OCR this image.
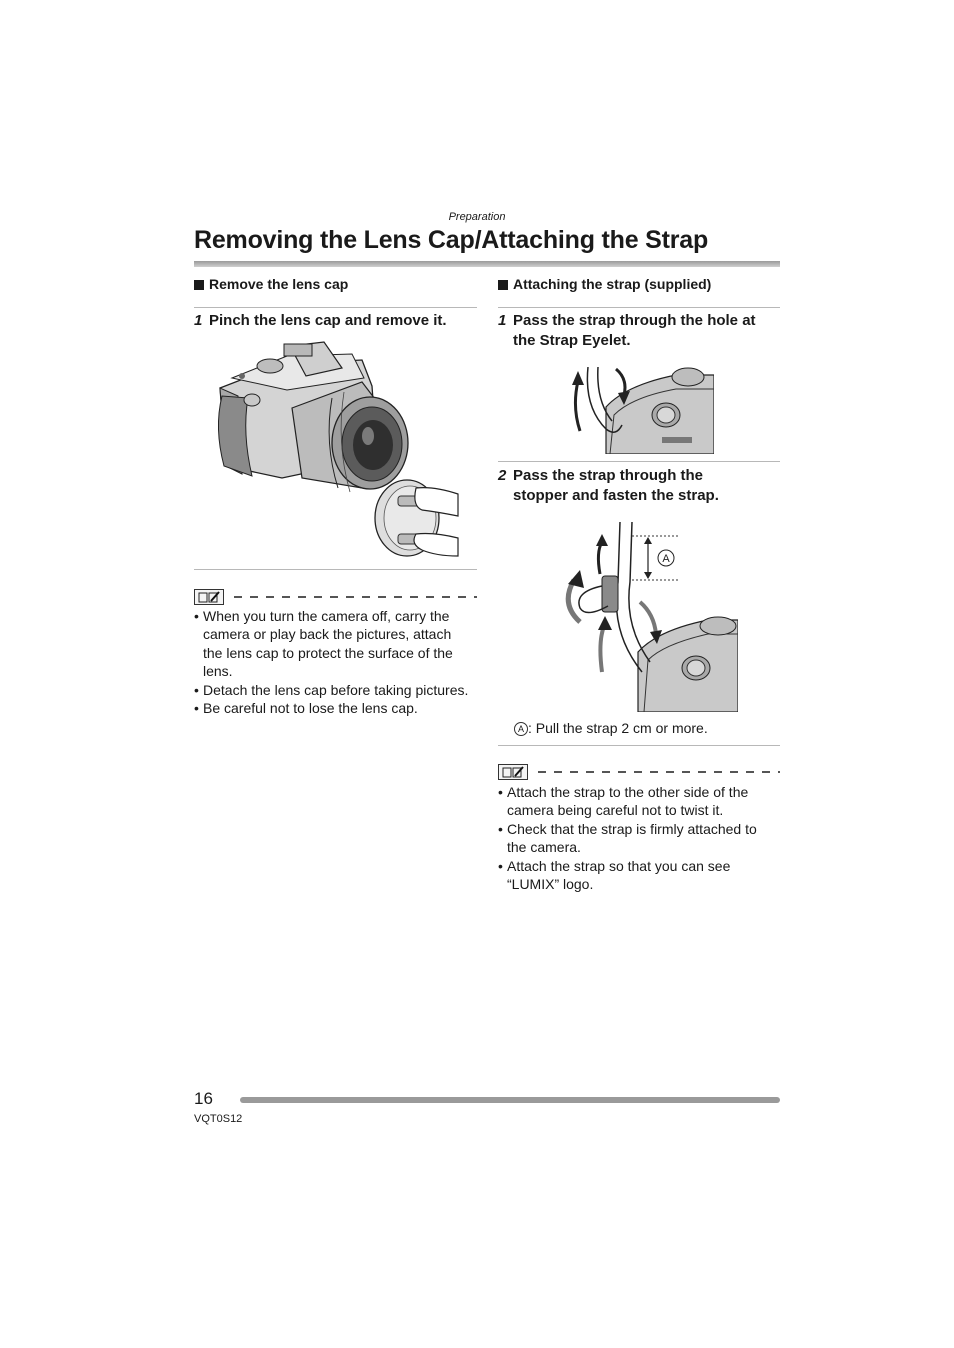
Preparation
Removing the Lens Cap/Attaching the Strap
Remove the lens cap
1 Pinch the lens cap and remove it.
• When you turn the camera off, carry the camera or play back the pictures, attach the lens cap to protect the surface of the lens.
• Detach the lens cap before taking pictures.
• Be careful not to lose the lens cap.
Attaching the strap (supplied)
1 Pass the strap through the hole at
the Strap Eyelet.
2 Pass the strap through the
stopper and fasten the strap.
A
A : Pull the strap 2 cm or more.
• Attach the strap to the other side of the camera being careful not to twist it.
• Check that the strap is firmly attached to the camera.
• Attach the strap so that you can see “LUMIX” logo.
16
VQT0S12
